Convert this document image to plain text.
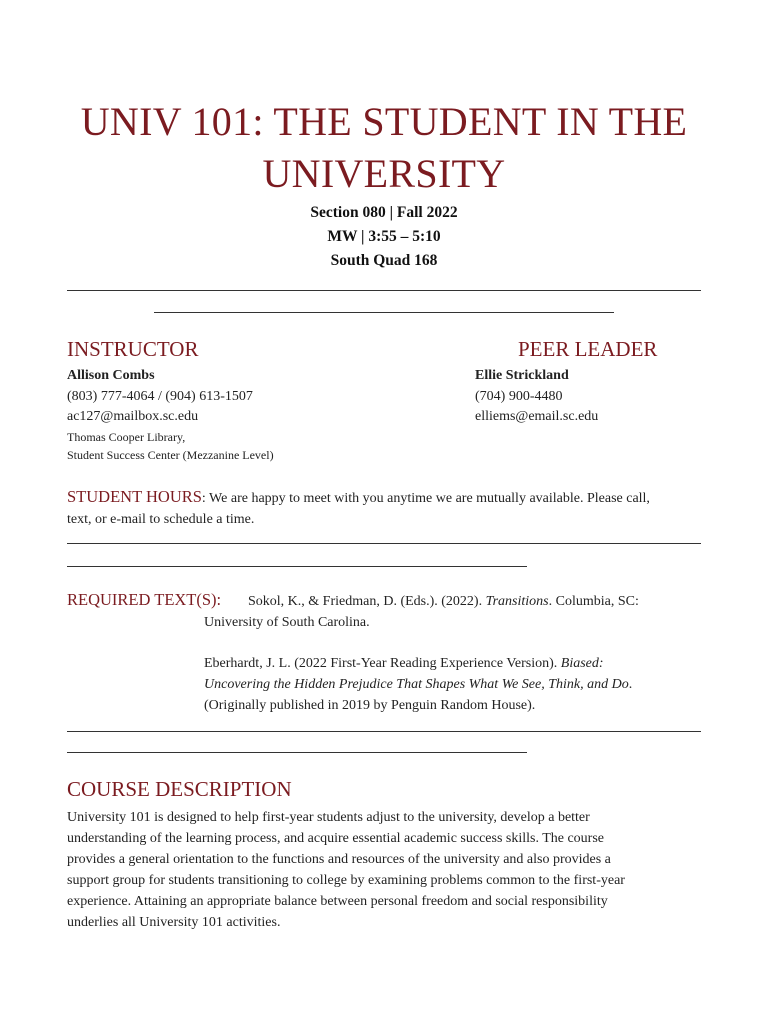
UNIV 101: THE STUDENT IN THE
UNIVERSITY
Section 080 | Fall 2022
MW | 3:55 – 5:10
South Quad 168
INSTRUCTOR
Allison Combs
(803) 777-4064 / (904) 613-1507
ac127@mailbox.sc.edu
Thomas Cooper Library,
Student Success Center (Mezzanine Level)
PEER LEADER
Ellie Strickland
(704) 900-4480
elliems@email.sc.edu
STUDENT HOURS: We are happy to meet with you anytime we are mutually available. Please call,
text, or e-mail to schedule a time.
REQUIRED TEXT(S): Sokol, K., & Friedman, D. (Eds.). (2022). Transitions. Columbia, SC:
University of South Carolina.
Eberhardt, J. L. (2022 First-Year Reading Experience Version). Biased:
Uncovering the Hidden Prejudice That Shapes What We See, Think, and Do.
(Originally published in 2019 by Penguin Random House).
COURSE DESCRIPTION
University 101 is designed to help first-year students adjust to the university, develop a better
understanding of the learning process, and acquire essential academic success skills. The course
provides a general orientation to the functions and resources of the university and also provides a
support group for students transitioning to college by examining problems common to the first-year
experience. Attaining an appropriate balance between personal freedom and social responsibility
underlies all University 101 activities.
